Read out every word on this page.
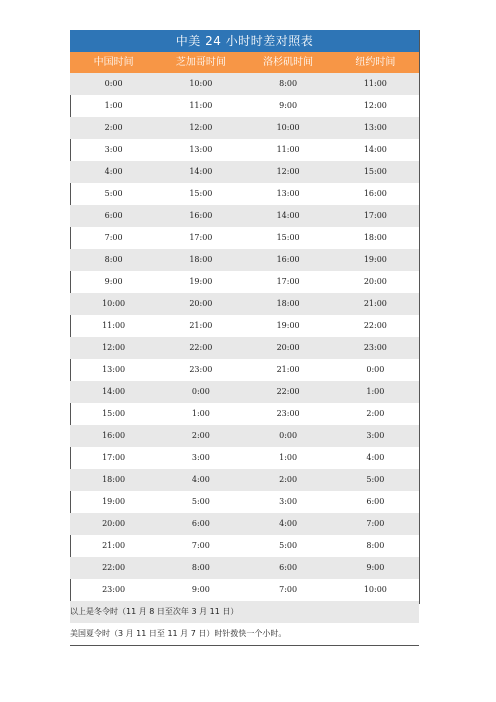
中美 24 小时时差对照表
中国时间	芝加哥时间	洛杉矶时间	纽约时间
0:00	10:00	8:00	11:00
1:00	11:00	9:00	12:00
2:00	12:00	10:00	13:00
3:00	13:00	11:00	14:00
4:00	14:00	12:00	15:00
5:00	15:00	13:00	16:00
6:00	16:00	14:00	17:00
7:00	17:00	15:00	18:00
8:00	18:00	16:00	19:00
9:00	19:00	17:00	20:00
10:00	20:00	18:00	21:00
11:00	21:00	19:00	22:00
12:00	22:00	20:00	23:00
13:00	23:00	21:00	0:00
14:00	0:00	22:00	1:00
15:00	1:00	23:00	2:00
16:00	2:00	0:00	3:00
17:00	3:00	1:00	4:00
18:00	4:00	2:00	5:00
19:00	5:00	3:00	6:00
20:00	6:00	4:00	7:00
21:00	7:00	5:00	8:00
22:00	8:00	6:00	9:00
23:00	9:00	7:00	10:00
以上是冬令时（11 月 8 日至次年 3 月 11 日）
美国夏令时（3 月 11 日至 11 月 7 日）时针拨快一个小时。
